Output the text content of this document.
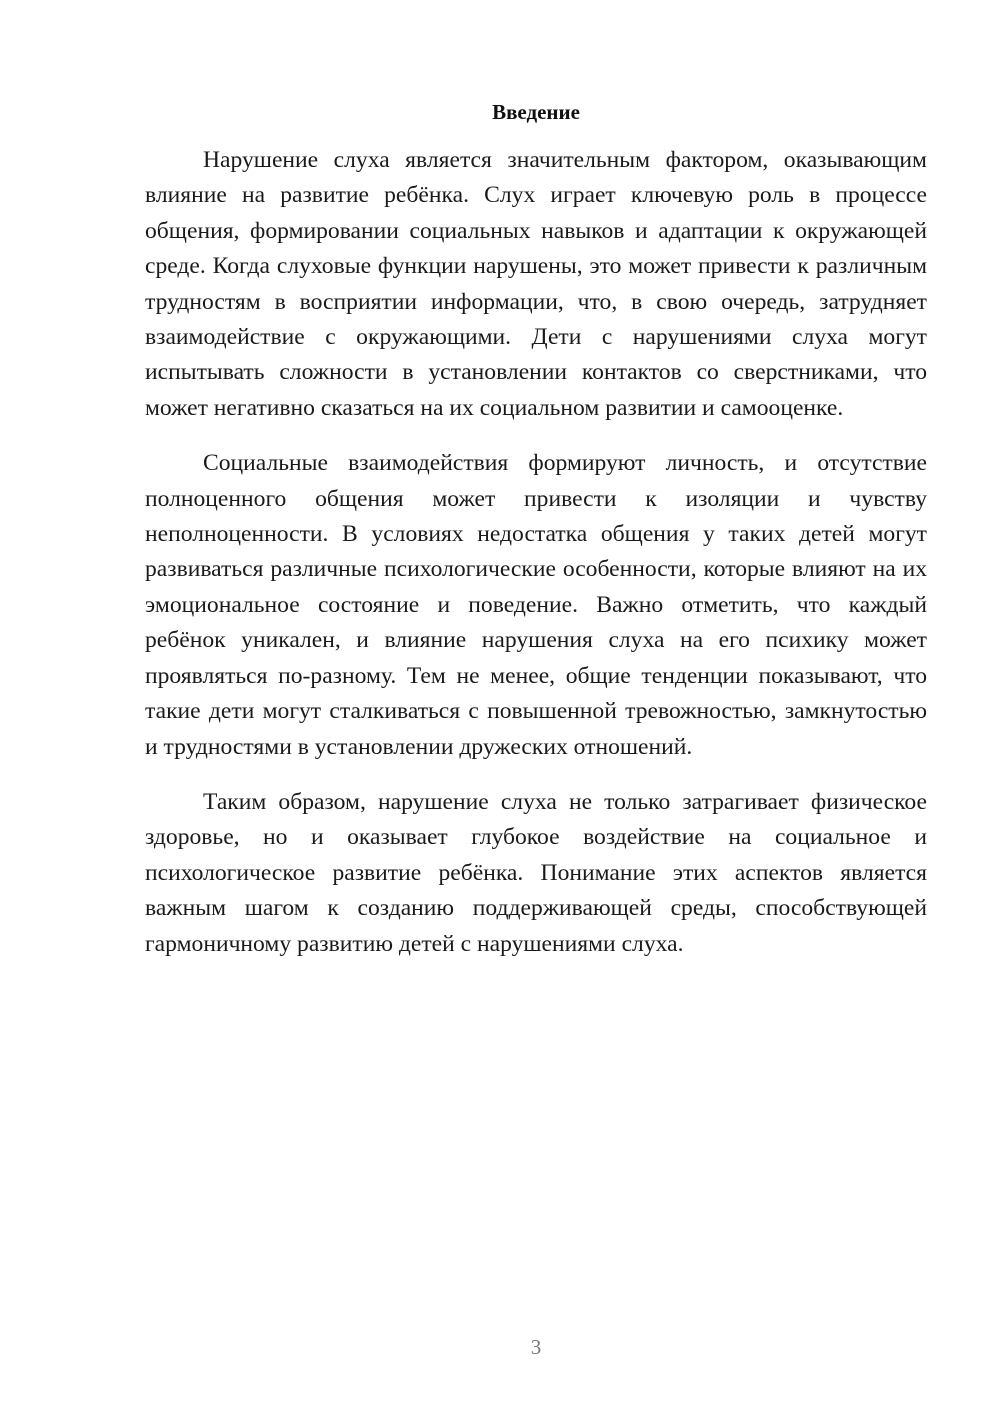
Введение

Нарушение слуха является значительным фактором, оказывающим влияние на развитие ребёнка. Слух играет ключевую роль в процессе общения, формировании социальных навыков и адаптации к окружающей среде. Когда слуховые функции нарушены, это может привести к различным трудностям в восприятии информации, что, в свою очередь, затрудняет взаимодействие с окружающими. Дети с нарушениями слуха могут испытывать сложности в установлении контактов со сверстниками, что может негативно сказаться на их социальном развитии и самооценке.

Социальные взаимодействия формируют личность, и отсутствие полноценного общения может привести к изоляции и чувству неполноценности. В условиях недостатка общения у таких детей могут развиваться различные психологические особенности, которые влияют на их эмоциональное состояние и поведение. Важно отметить, что каждый ребёнок уникален, и влияние нарушения слуха на его психику может проявляться по-разному. Тем не менее, общие тенденции показывают, что такие дети могут сталкиваться с повышенной тревожностью, замкнутостью и трудностями в установлении дружеских отношений.

Таким образом, нарушение слуха не только затрагивает физическое здоровье, но и оказывает глубокое воздействие на социальное и психологическое развитие ребёнка. Понимание этих аспектов является важным шагом к созданию поддерживающей среды, способствующей гармоничному развитию детей с нарушениями слуха.

3
